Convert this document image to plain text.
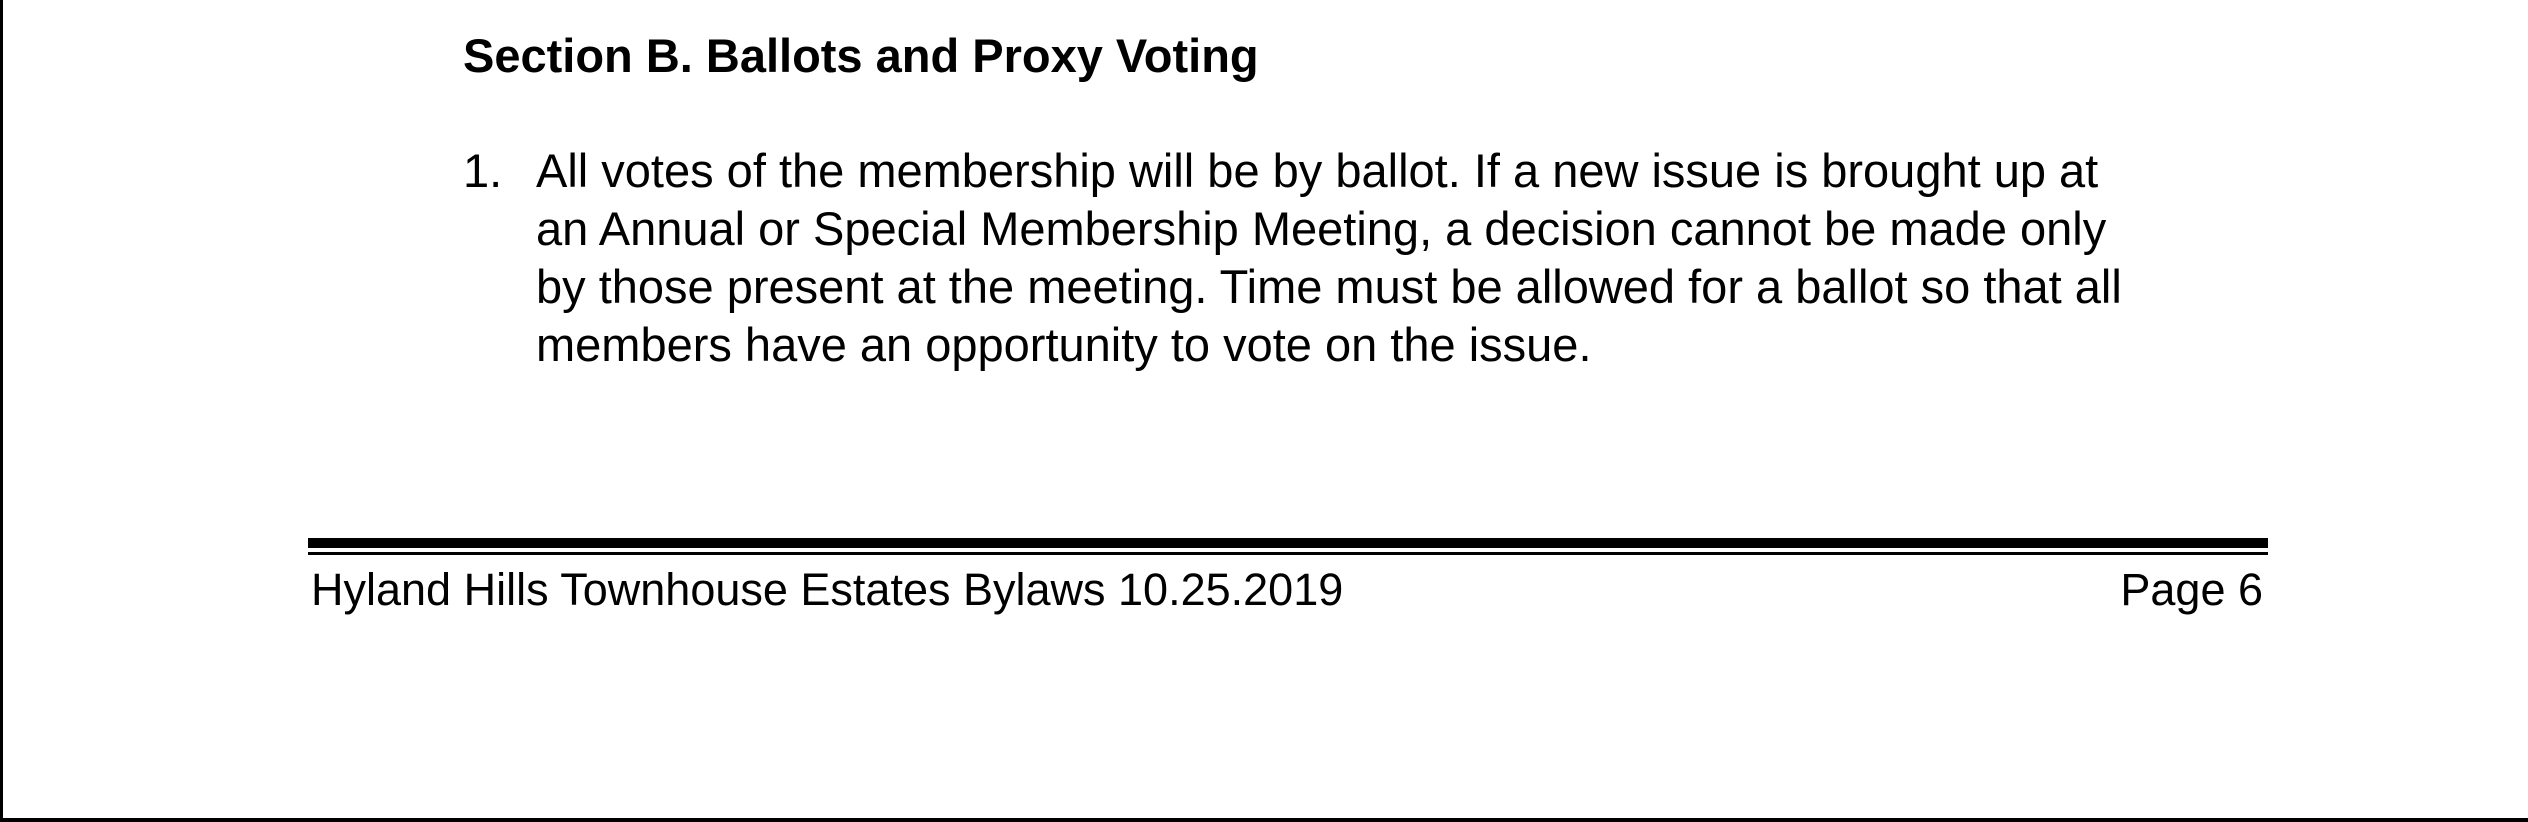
Section B. Ballots and Proxy Voting
1. All votes of the membership will be by ballot. If a new issue is brought up at
an Annual or Special Membership Meeting, a decision cannot be made only
by those present at the meeting. Time must be allowed for a ballot so that all
members have an opportunity to vote on the issue.
Hyland Hills Townhouse Estates Bylaws 10.25.2019	Page 6
